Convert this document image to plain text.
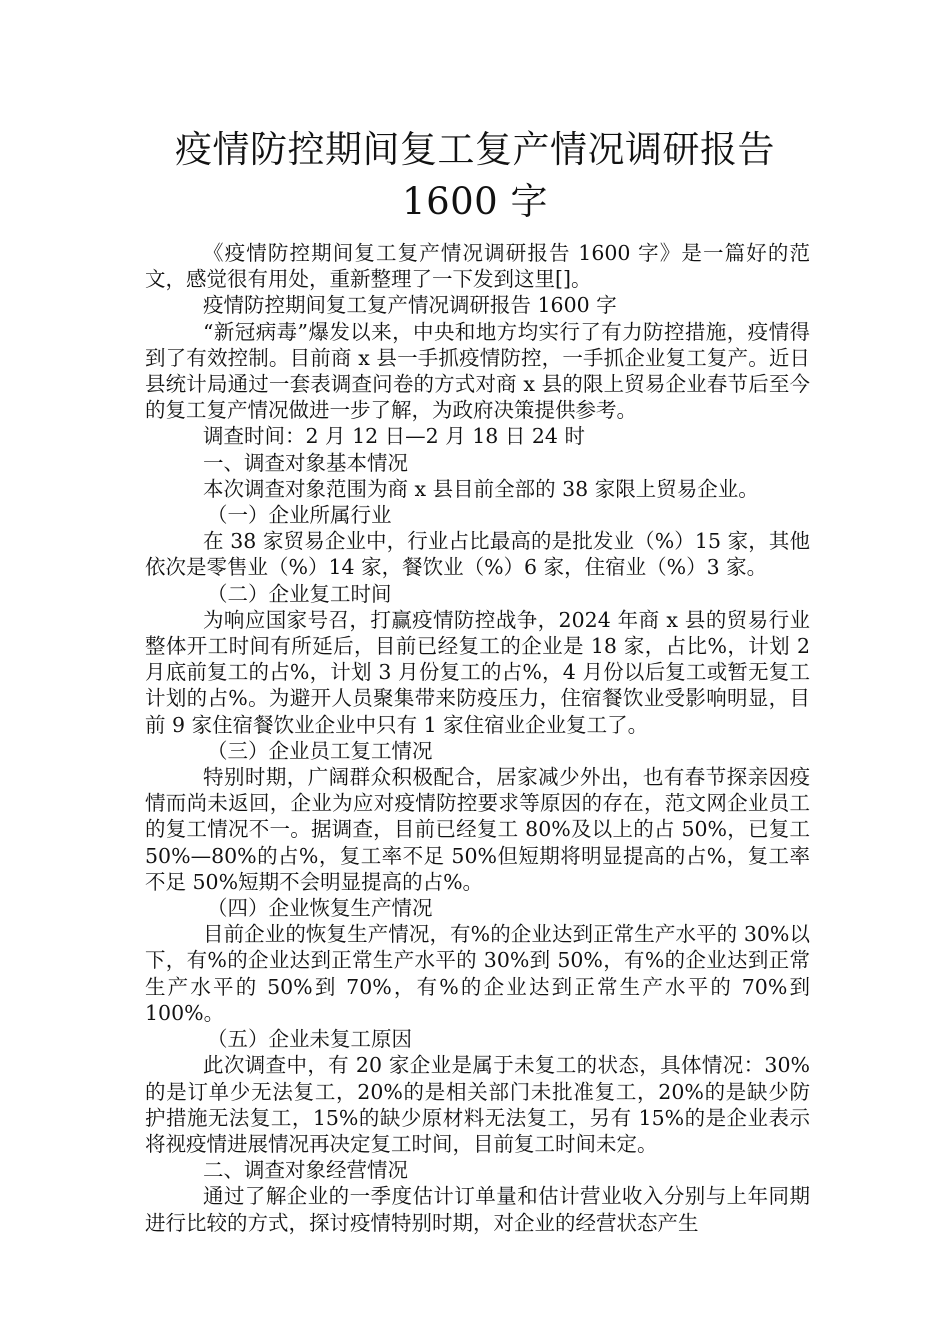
疫情防控期间复工复产情况调研报告 1600 字

《疫情防控期间复工复产情况调研报告 1600 字》是一篇好的范文，感觉很有用处，重新整理了一下发到这里[]。

疫情防控期间复工复产情况调研报告 1600 字

“新冠病毒”爆发以来，中央和地方均实行了有力防控措施，疫情得到了有效控制。目前商 x 县一手抓疫情防控，一手抓企业复工复产。近日县统计局通过一套表调查问卷的方式对商 x 县的限上贸易企业春节后至今的复工复产情况做进一步了解，为政府决策提供参考。

调查时间：2 月 12 日—2 月 18 日 24 时

一、调查对象基本情况

本次调查对象范围为商 x 县目前全部的 38 家限上贸易企业。

（一）企业所属行业

在 38 家贸易企业中，行业占比最高的是批发业（%）15 家，其他依次是零售业（%）14 家，餐饮业（%）6 家，住宿业（%）3 家。

（二）企业复工时间

为响应国家号召，打赢疫情防控战争，2024 年商 x 县的贸易行业整体开工时间有所延后，目前已经复工的企业是 18 家，占比%，计划 2 月底前复工的占%，计划 3 月份复工的占%，4 月份以后复工或暂无复工计划的占%。为避开人员聚集带来防疫压力，住宿餐饮业受影响明显，目前 9 家住宿餐饮业企业中只有 1 家住宿业企业复工了。

（三）企业员工复工情况

特别时期，广阔群众积极配合，居家减少外出，也有春节探亲因疫情而尚未返回，企业为应对疫情防控要求等原因的存在，范文网企业员工的复工情况不一。据调查，目前已经复工 80%及以上的占 50%，已复工 50%—80%的占%，复工率不足 50%但短期将明显提高的占%，复工率不足 50%短期不会明显提高的占%。

（四）企业恢复生产情况

目前企业的恢复生产情况，有%的企业达到正常生产水平的 30%以下，有%的企业达到正常生产水平的 30%到 50%，有%的企业达到正常生产水平的 50%到 70%，有%的企业达到正常生产水平的 70%到 100%。

（五）企业未复工原因

此次调查中，有 20 家企业是属于未复工的状态，具体情况：30%的是订单少无法复工，20%的是相关部门未批准复工，20%的是缺少防护措施无法复工，15%的缺少原材料无法复工，另有 15%的是企业表示将视疫情进展情况再决定复工时间，目前复工时间未定。

二、调查对象经营情况

通过了解企业的一季度估计订单量和估计营业收入分别与上年同期进行比较的方式，探讨疫情特别时期，对企业的经营状态产生
